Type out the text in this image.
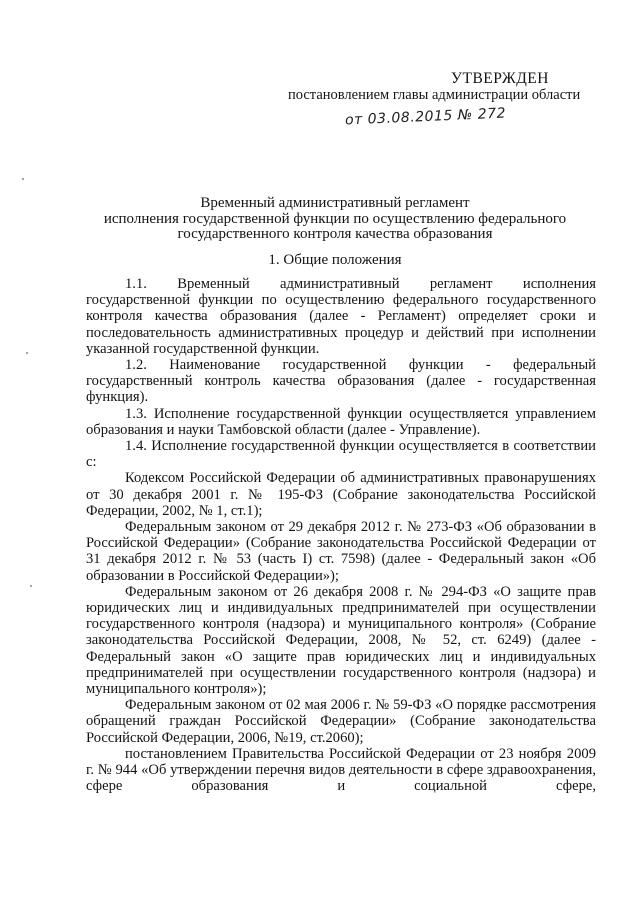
УТВЕРЖДЕН
постановлением главы администрации области
от 03.08.2015 № 272
Временный административный регламент
исполнения государственной функции по осуществлению федерального
государственного контроля качества образования
1. Общие положения

1.1. Временный административный регламент исполнения государственной функции по осуществлению федерального государственного контроля качества образования (далее - Регламент) определяет сроки и последовательность административных процедур и действий при исполнении указанной государственной функции.

1.2. Наименование государственной функции - федеральный государственный контроль качества образования (далее - государственная функция).

1.3. Исполнение государственной функции осуществляется управлением образования и науки Тамбовской области (далее - Управление).

1.4. Исполнение государственной функции осуществляется в соответствии с:

Кодексом Российской Федерации об административных правонарушениях от 30 декабря 2001 г. № 195-ФЗ (Собрание законодательства Российской Федерации, 2002, № 1, ст.1);

Федеральным законом от 29 декабря 2012 г. № 273-ФЗ «Об образовании в Российской Федерации» (Собрание законодательства Российской Федерации от 31 декабря 2012 г. № 53 (часть I) ст. 7598) (далее - Федеральный закон «Об образовании в Российской Федерации»);

Федеральным законом от 26 декабря 2008 г. № 294-ФЗ «О защите прав юридических лиц и индивидуальных предпринимателей при осуществлении государственного контроля (надзора) и муниципального контроля» (Собрание законодательства Российской Федерации, 2008, № 52, ст. 6249) (далее - Федеральный закон «О защите прав юридических лиц и индивидуальных предпринимателей при осуществлении государственного контроля (надзора) и муниципального контроля»);

Федеральным законом от 02 мая 2006 г. № 59-ФЗ «О порядке рассмотрения обращений граждан Российской Федерации» (Собрание законодательства Российской Федерации, 2006, №19, ст.2060);

постановлением Правительства Российской Федерации от 23 ноября 2009 г. № 944 «Об утверждении перечня видов деятельности в сфере здравоохранения, сфере образования и социальной сфере,
